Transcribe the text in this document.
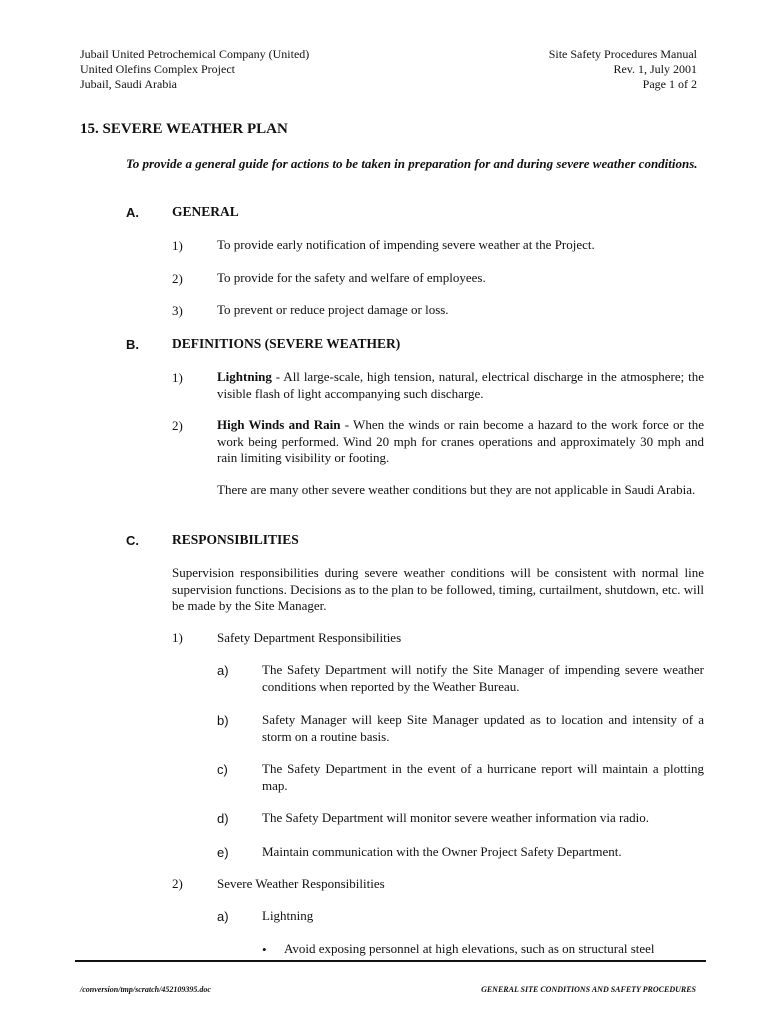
Jubail United Petrochemical Company (United)
United Olefins Complex Project
Jubail, Saudi Arabia
Site Safety Procedures Manual
Rev. 1, July 2001
Page 1 of 2
15. SEVERE WEATHER PLAN
To provide a general guide for actions to be taken in preparation for and during severe weather conditions.
A. GENERAL
1)	To provide early notification of impending severe weather at the Project.
2)	To provide for the safety and welfare of employees.
3)	To prevent or reduce project damage or loss.
B. DEFINITIONS (SEVERE WEATHER)
1)	Lightning - All large-scale, high tension, natural, electrical discharge in the atmosphere; the visible flash of light accompanying such discharge.
2)	High Winds and Rain - When the winds or rain become a hazard to the work force or the work being performed. Wind 20 mph for cranes operations and approximately 30 mph and rain limiting visibility or footing.
There are many other severe weather conditions but they are not applicable in Saudi Arabia.
C. RESPONSIBILITIES
Supervision responsibilities during severe weather conditions will be consistent with normal line supervision functions. Decisions as to the plan to be followed, timing, curtailment, shutdown, etc. will be made by the Site Manager.
1)	Safety Department Responsibilities
a)	The Safety Department will notify the Site Manager of impending severe weather conditions when reported by the Weather Bureau.
b)	Safety Manager will keep Site Manager updated as to location and intensity of a storm on a routine basis.
c)	The Safety Department in the event of a hurricane report will maintain a plotting map.
d)	The Safety Department will monitor severe weather information via radio.
e)	Maintain communication with the Owner Project Safety Department.
2)	Severe Weather Responsibilities
a)	Lightning
• Avoid exposing personnel at high elevations, such as on structural steel
/conversion/tmp/scratch/452109395.doc	GENERAL SITE CONDITIONS AND SAFETY PROCEDURES
